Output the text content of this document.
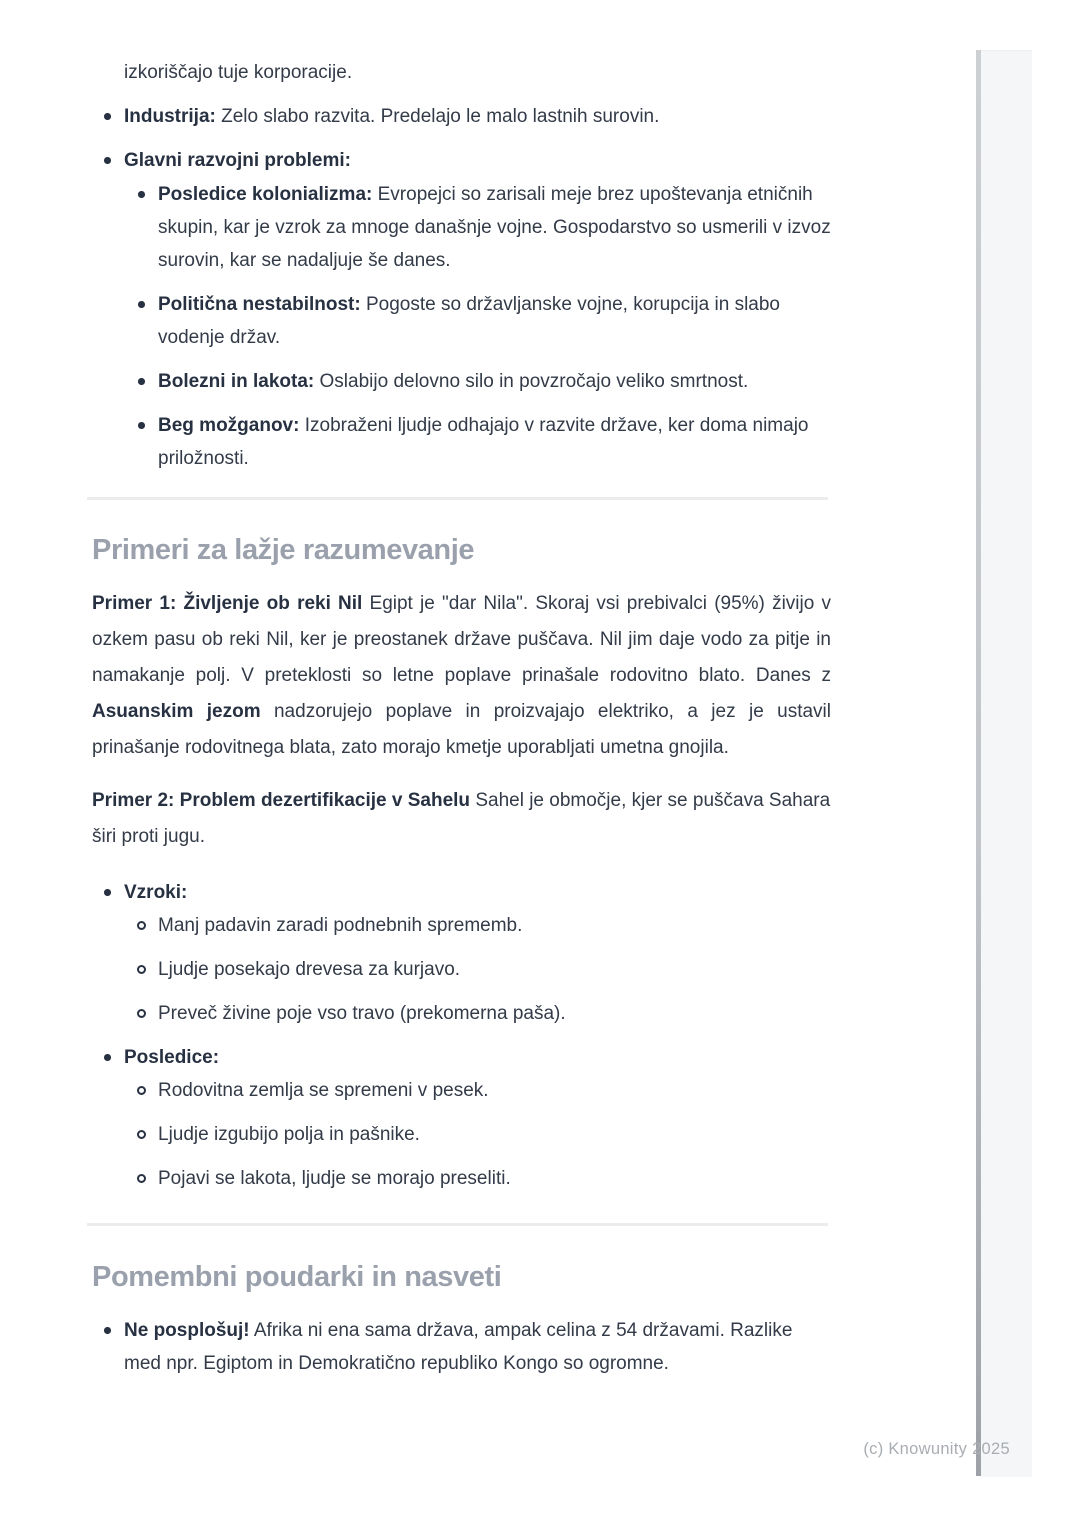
izkoriščajo tuje korporacije.

Industrija: Zelo slabo razvita. Predelajo le malo lastnih surovin.
Glavni razvojni problemi:
Posledice kolonializma: Evropejci so zarisali meje brez upoštevanja etničnih skupin, kar je vzrok za mnoge današnje vojne. Gospodarstvo so usmerili v izvoz surovin, kar se nadaljuje še danes.
Politična nestabilnost: Pogoste so državljanske vojne, korupcija in slabo vodenje držav.
Bolezni in lakota: Oslabijo delovno silo in povzročajo veliko smrtnost.
Beg možganov: Izobraženi ljudje odhajajo v razvite države, ker doma nimajo priložnosti.
Primeri za lažje razumevanje

Primer 1: Življenje ob reki Nil Egipt je "dar Nila". Skoraj vsi prebivalci (95%) živijo v ozkem pasu ob reki Nil, ker je preostanek države puščava. Nil jim daje vodo za pitje in namakanje polj. V preteklosti so letne poplave prinašale rodovitno blato. Danes z Asuanskim jezom nadzorujejo poplave in proizvajajo elektriko, a jez je ustavil prinašanje rodovitnega blata, zato morajo kmetje uporabljati umetna gnojila.

Primer 2: Problem dezertifikacije v Sahelu Sahel je območje, kjer se puščava Sahara širi proti jugu.

Vzroki:
Manj padavin zaradi podnebnih sprememb.
Ljudje posekajo drevesa za kurjavo.
Preveč živine poje vso travo (prekomerna paša).
Posledice:
Rodovitna zemlja se spremeni v pesek.
Ljudje izgubijo polja in pašnike.
Pojavi se lakota, ljudje se morajo preseliti.
Pomembni poudarki in nasveti
Ne posplošuj! Afrika ni ena sama država, ampak celina z 54 državami. Razlike med npr. Egiptom in Demokratično republiko Kongo so ogromne.
(c) Knowunity 2025
